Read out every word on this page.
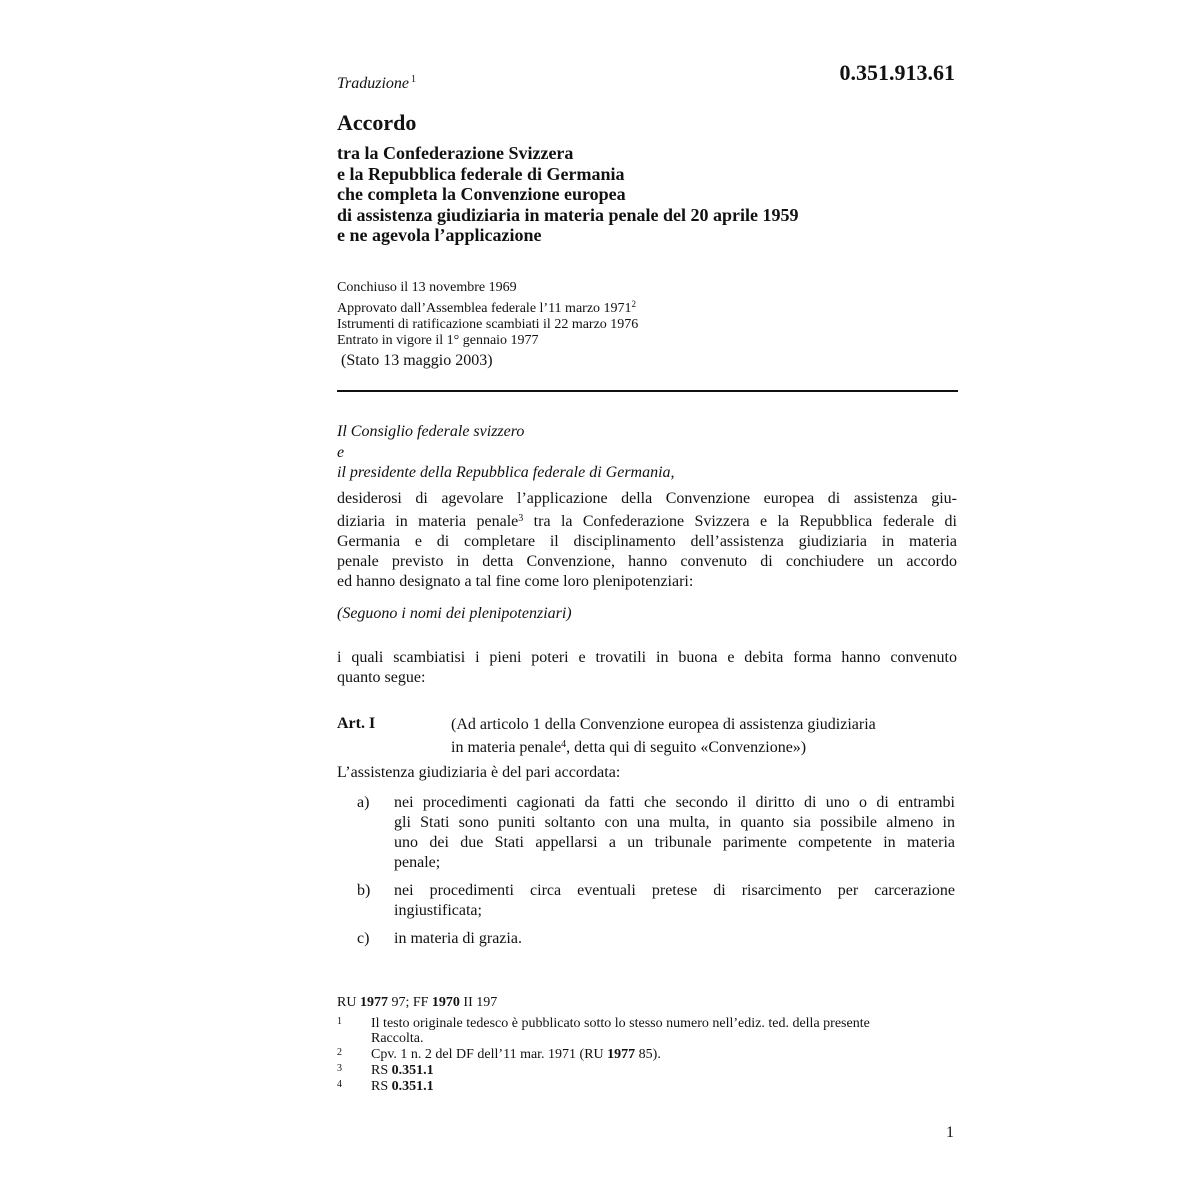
Traduzione $^1$	0.351.913.61
Accordo
tra la Confederazione Svizzera
e la Repubblica federale di Germania
che completa la Convenzione europea
di assistenza giudiziaria in materia penale del 20 aprile 1959
e ne agevola l’applicazione
Conchiuso il 13 novembre 1969
Approvato dall’Assemblea federale l’11 marzo 1971$^2$
Istrumenti di ratificazione scambiati il 22 marzo 1976
Entrato in vigore il 1° gennaio 1977
(Stato 13 maggio 2003)
Il Consiglio federale svizzero
e
il presidente della Repubblica federale di Germania,
desiderosi di agevolare l’applicazione della Convenzione europea di assistenza giu-
diziaria in materia penale$^3$ tra la Confederazione Svizzera e la Repubblica federale di
Germania e di completare il disciplinamento dell’assistenza giudiziaria in materia
penale previsto in detta Convenzione, hanno convenuto di conchiudere un accordo
ed hanno designato a tal fine come loro plenipotenziari:
(Seguono i nomi dei plenipotenziari)
i quali scambiatisi i pieni poteri e trovatili in buona e debita forma hanno convenuto
quanto segue:
Art. I	(Ad articolo 1 della Convenzione europea di assistenza giudiziaria
in materia penale$^4$, detta qui di seguito «Convenzione»)
L’assistenza giudiziaria è del pari accordata:
a) nei procedimenti cagionati da fatti che secondo il diritto di uno o di entrambi
gli Stati sono puniti soltanto con una multa, in quanto sia possibile almeno in
uno dei due Stati appellarsi a un tribunale parimente competente in materia
penale;
b) nei procedimenti circa eventuali pretese di risarcimento per carcerazione
ingiustificata;
c) in materia di grazia.
RU 1977 97; FF 1970 II 197
1 Il testo originale tedesco è pubblicato sotto lo stesso numero nell’ediz. ted. della presente
Raccolta.
2 Cpv. 1 n. 2 del DF dell’11 mar. 1971 (RU 1977 85).
3 RS 0.351.1
4 RS 0.351.1
1
